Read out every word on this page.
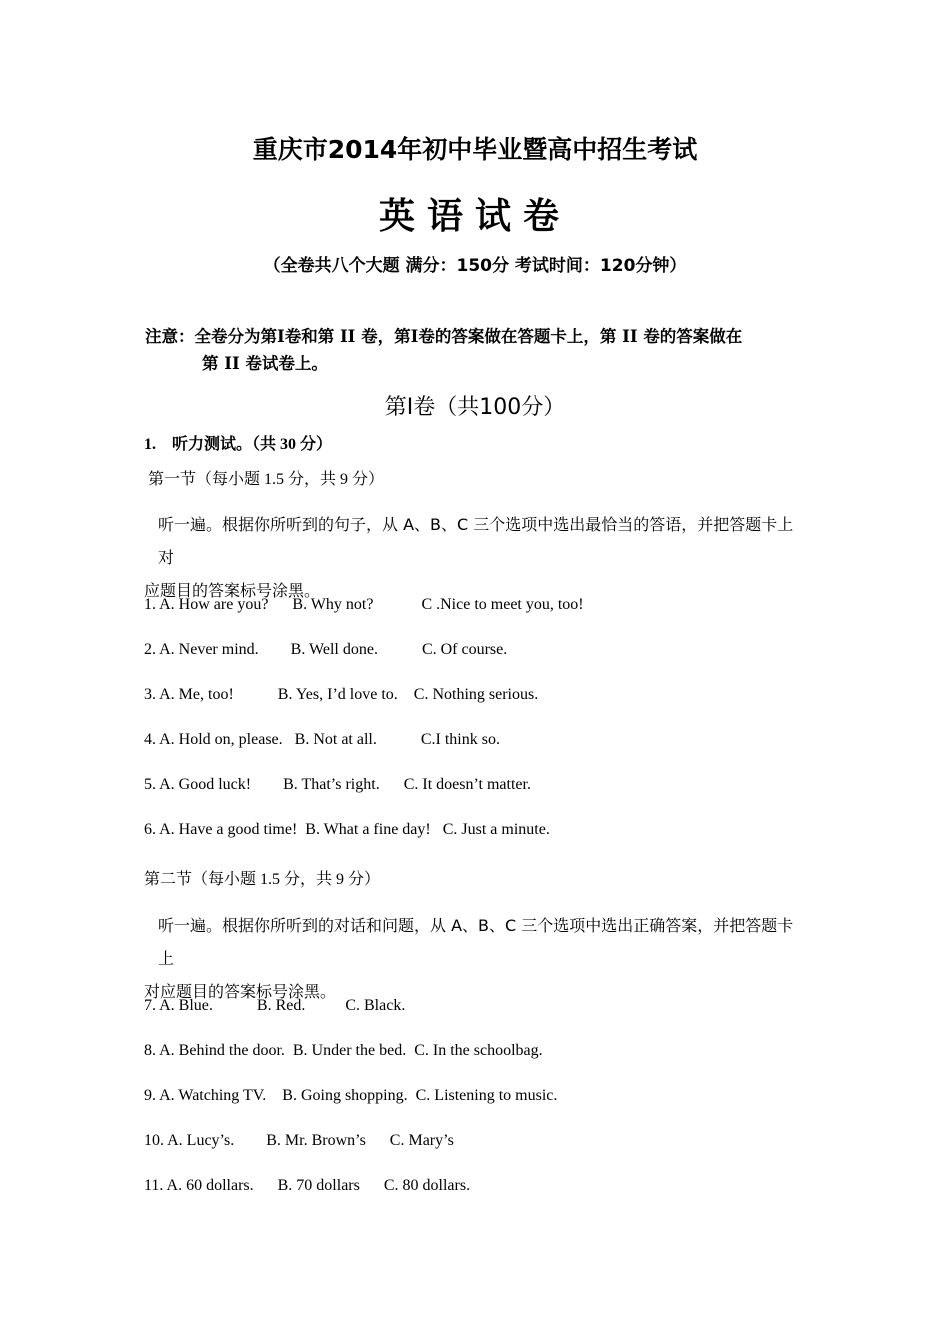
重庆市2014年初中毕业暨高中招生考试
英语试卷
（全卷共八个大题 满分：150分 考试时间：120分钟）
注意：全卷分为第Ⅰ卷和第 II 卷，第Ⅰ卷的答案做在答题卡上，第 II 卷的答案做在
第 II 卷试卷上。
第Ⅰ卷（共100分）
1.    听力测试。（共 30 分）
第一节（每小题 1.5 分，共 9 分）
听一遍。根据你所听到的句子，从 A、B、C 三个选项中选出最恰当的答语，并把答题卡上对
应题目的答案标号涂黑。
1. A. How are you?      B. Why not?            C .Nice to meet you, too!
2. A. Never mind.        B. Well done.           C. Of course.
3. A. Me, too!           B. Yes, I’d love to.    C. Nothing serious.
4. A. Hold on, please.   B. Not at all.           C.I think so.
5. A. Good luck!        B. That’s right.      C. It doesn’t matter.
6. A. Have a good time!  B. What a fine day!   C. Just a minute.
第二节（每小题 1.5 分，共 9 分）
听一遍。根据你所听到的对话和问题，从 A、B、C 三个选项中选出正确答案，并把答题卡上
对应题目的答案标号涂黑。
7. A. Blue.           B. Red.          C. Black.
8. A. Behind the door.  B. Under the bed.  C. In the schoolbag.
9. A. Watching TV.    B. Going shopping.  C. Listening to music.
10. A. Lucy’s.        B. Mr. Brown’s      C. Mary’s
11. A. 60 dollars.      B. 70 dollars      C. 80 dollars.
